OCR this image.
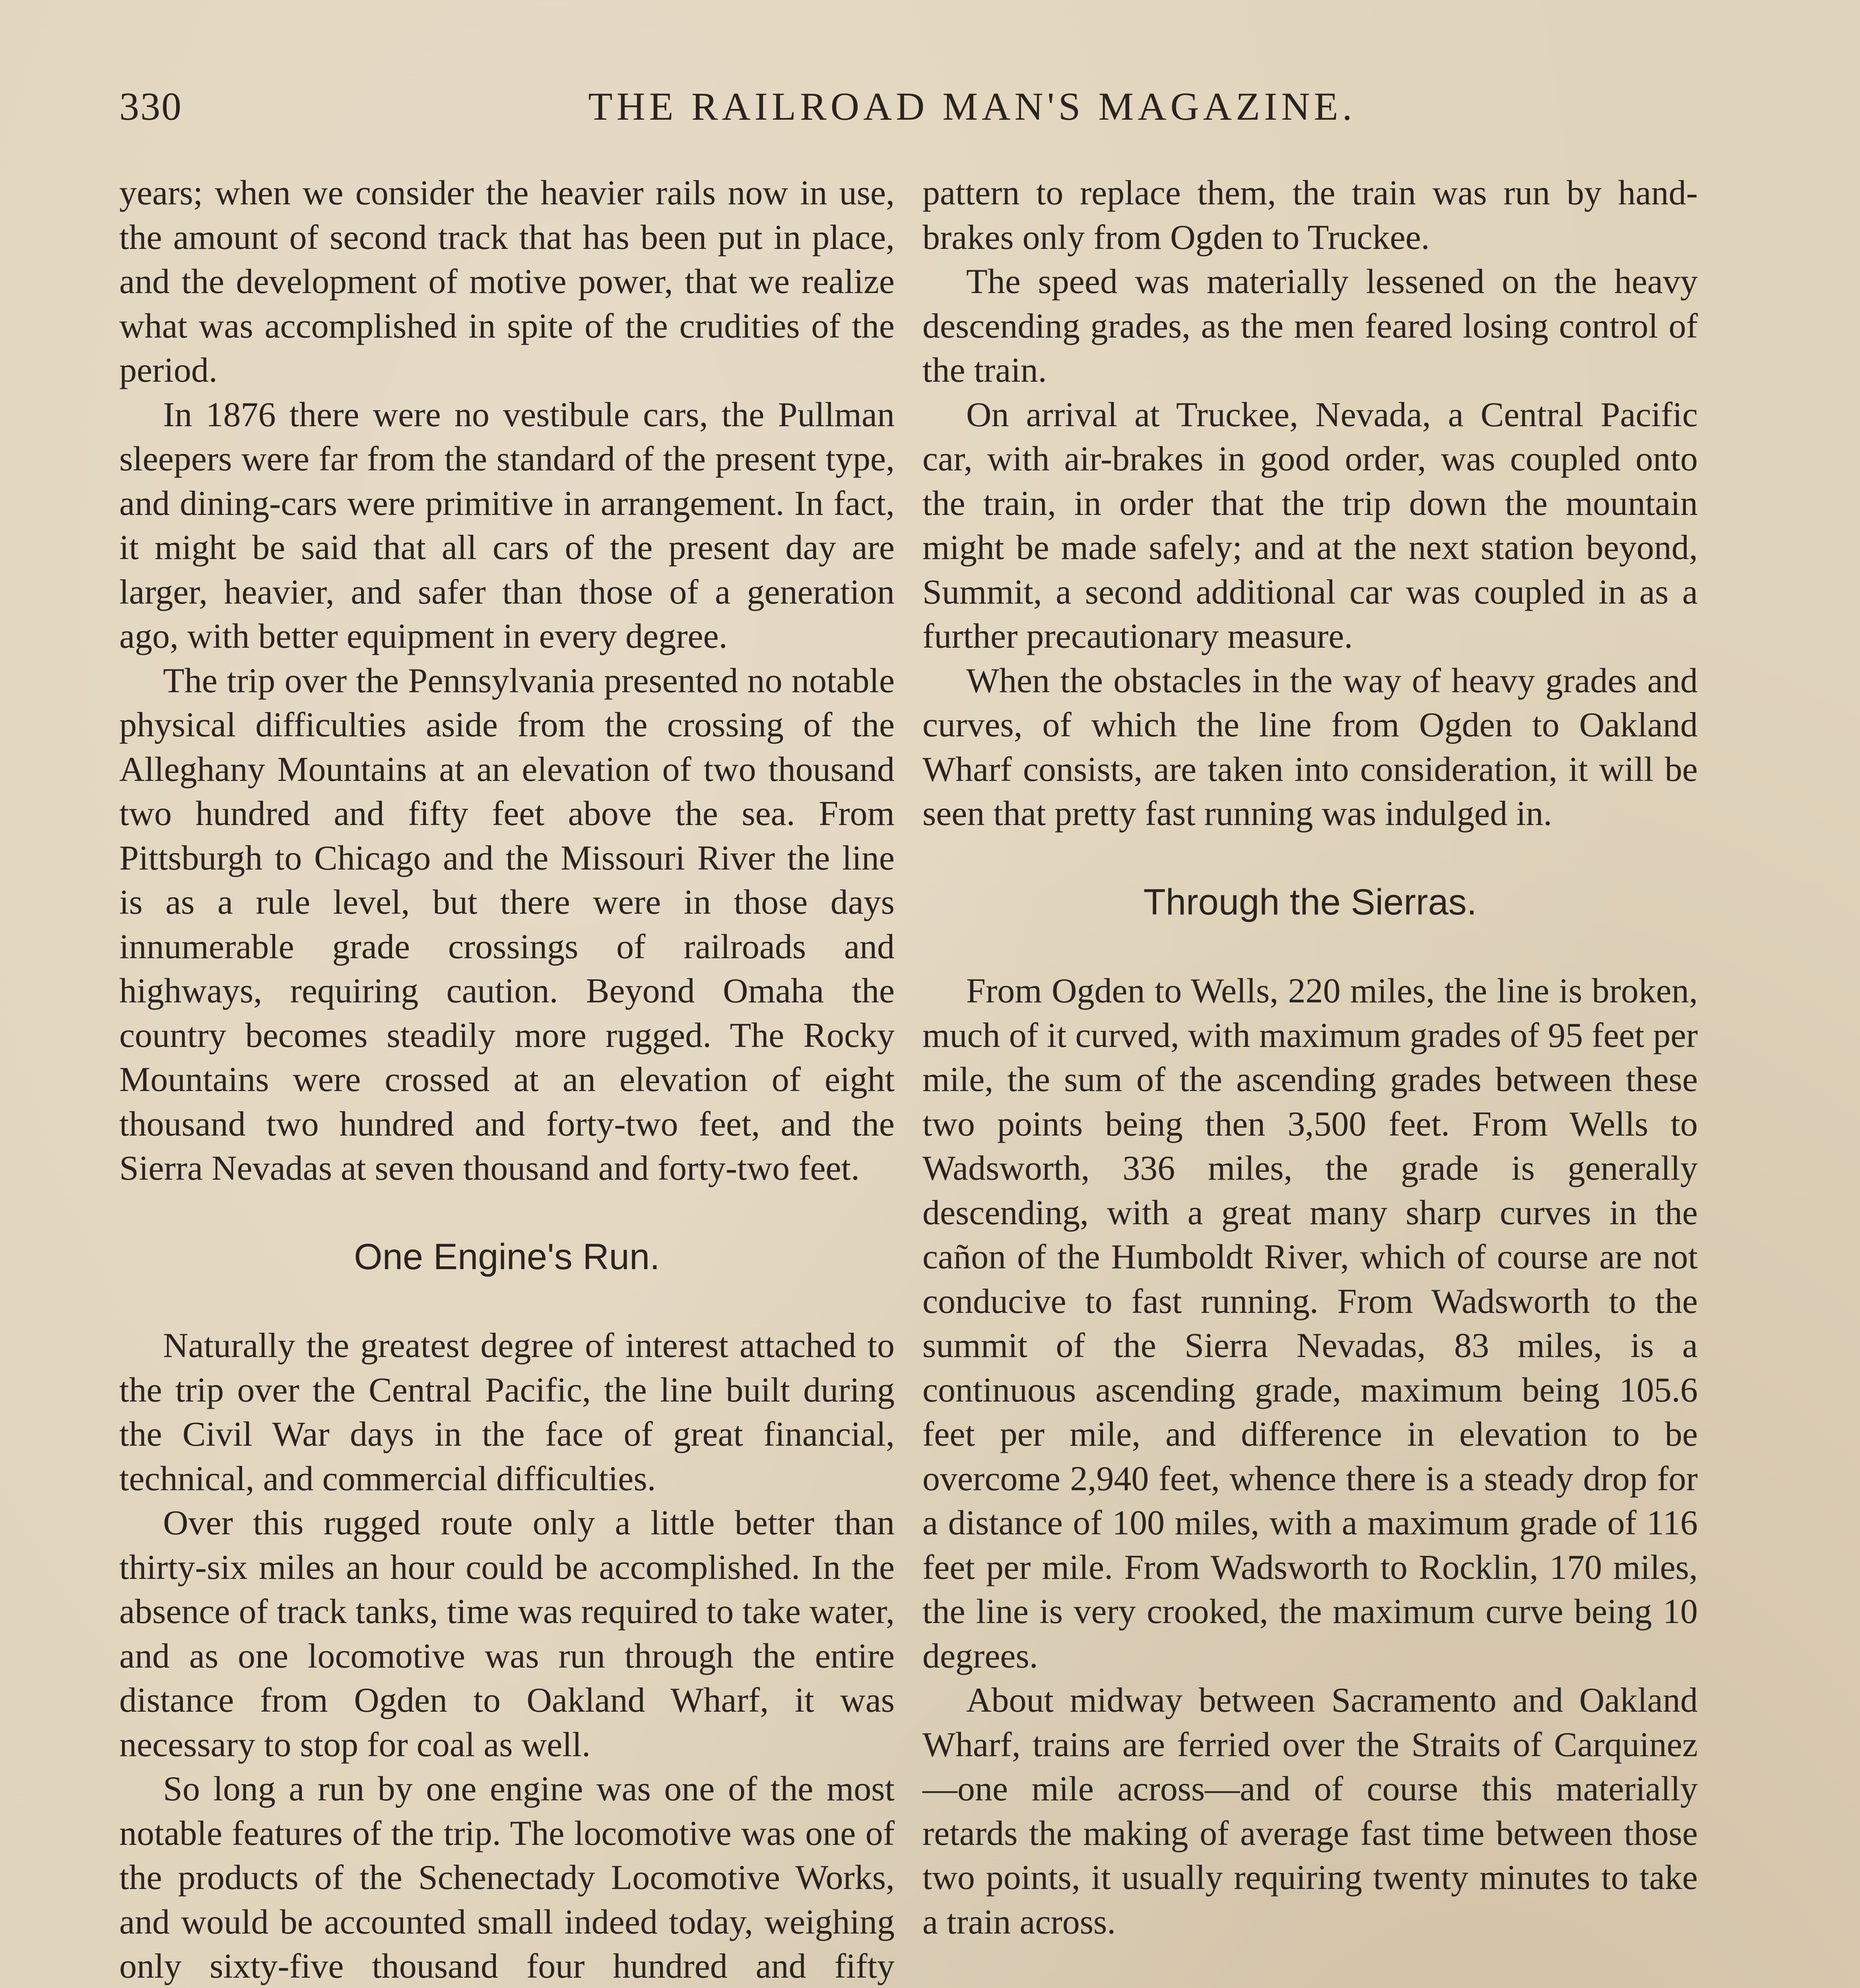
330	THE RAILROAD MAN'S MAGAZINE.

years; when we consider the heavier rails now in use, the amount of second track that has been put in place, and the development of motive power, that we realize what was accomplished in spite of the crudities of the period.

In 1876 there were no vestibule cars, the Pullman sleepers were far from the standard of the present type, and dining-cars were primitive in arrangement. In fact, it might be said that all cars of the present day are larger, heavier, and safer than those of a generation ago, with better equipment in every degree.

The trip over the Pennsylvania presented no notable physical difficulties aside from the crossing of the Alleghany Mountains at an elevation of two thousand two hundred and fifty feet above the sea. From Pittsburgh to Chicago and the Missouri River the line is as a rule level, but there were in those days innumerable grade crossings of railroads and highways, requiring caution. Beyond Omaha the country becomes steadily more rugged. The Rocky Mountains were crossed at an elevation of eight thousand two hundred and forty-two feet, and the Sierra Nevadas at seven thousand and forty-two feet.

One Engine's Run.

Naturally the greatest degree of interest attached to the trip over the Central Pacific, the line built during the Civil War days in the face of great financial, technical, and commercial difficulties.

Over this rugged route only a little better than thirty-six miles an hour could be accomplished. In the absence of track tanks, time was required to take water, and as one locomotive was run through the entire distance from Ogden to Oakland Wharf, it was necessary to stop for coal as well.

So long a run by one engine was one of the most notable features of the trip. The locomotive was one of the products of the Schenectady Locomotive Works, and would be accounted small indeed today, weighing only sixty-five thousand four hundred and fifty

pattern to replace them, the train was run by hand-brakes only from Ogden to Truckee.

The speed was materially lessened on the heavy descending grades, as the men feared losing control of the train.

On arrival at Truckee, Nevada, a Central Pacific car, with air-brakes in good order, was coupled onto the train, in order that the trip down the mountain might be made safely; and at the next station beyond, Summit, a second additional car was coupled in as a further precautionary measure.

When the obstacles in the way of heavy grades and curves, of which the line from Ogden to Oakland Wharf consists, are taken into consideration, it will be seen that pretty fast running was indulged in.

Through the Sierras.

From Ogden to Wells, 220 miles, the line is broken, much of it curved, with maximum grades of 95 feet per mile, the sum of the ascending grades between these two points being then 3,500 feet. From Wells to Wadsworth, 336 miles, the grade is generally descending, with a great many sharp curves in the cañon of the Humboldt River, which of course are not conducive to fast running. From Wadsworth to the summit of the Sierra Nevadas, 83 miles, is a continuous ascending grade, maximum being 105.6 feet per mile, and difference in elevation to be overcome 2,940 feet, whence there is a steady drop for a distance of 100 miles, with a maximum grade of 116 feet per mile. From Wadsworth to Rocklin, 170 miles, the line is very crooked, the maximum curve being 10 degrees.

About midway between Sacramento and Oakland Wharf, trains are ferried over the Straits of Carquinez—one mile across—and of course this materially retards the making of average fast time between those two points, it usually requiring twenty minutes to take a train across.
